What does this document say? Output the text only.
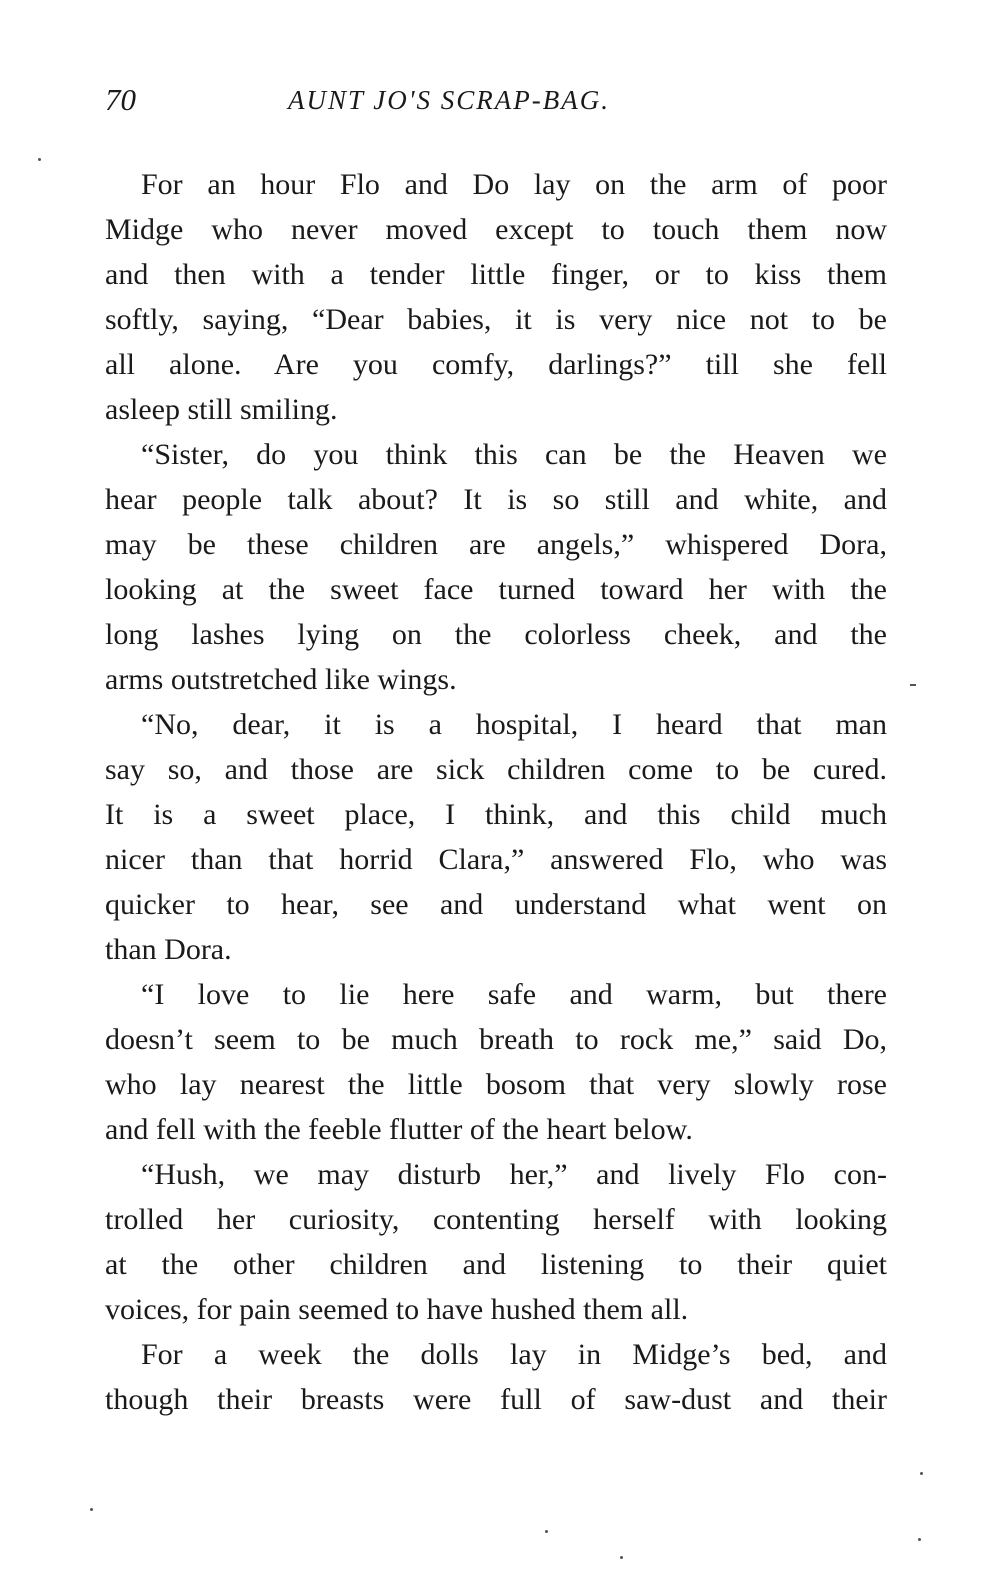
70	AUNT JO'S SCRAP-BAG.
For an hour Flo and Do lay on the arm of poor
Midge who never moved except to touch them now
and then with a tender little finger, or to kiss them
softly, saying, “Dear babies, it is very nice not to be
all alone. Are you comfy, darlings?” till she fell
asleep still smiling.
“Sister, do you think this can be the Heaven we
hear people talk about? It is so still and white, and
may be these children are angels,” whispered Dora,
looking at the sweet face turned toward her with the
long lashes lying on the colorless cheek, and the
arms outstretched like wings.
“No, dear, it is a hospital, I heard that man
say so, and those are sick children come to be cured.
It is a sweet place, I think, and this child much
nicer than that horrid Clara,” answered Flo, who was
quicker to hear, see and understand what went on
than Dora.
“I love to lie here safe and warm, but there
doesn’t seem to be much breath to rock me,” said Do,
who lay nearest the little bosom that very slowly rose
and fell with the feeble flutter of the heart below.
“Hush, we may disturb her,” and lively Flo con-
trolled her curiosity, contenting herself with looking
at the other children and listening to their quiet
voices, for pain seemed to have hushed them all.
For a week the dolls lay in Midge’s bed, and
though their breasts were full of saw-dust and their
